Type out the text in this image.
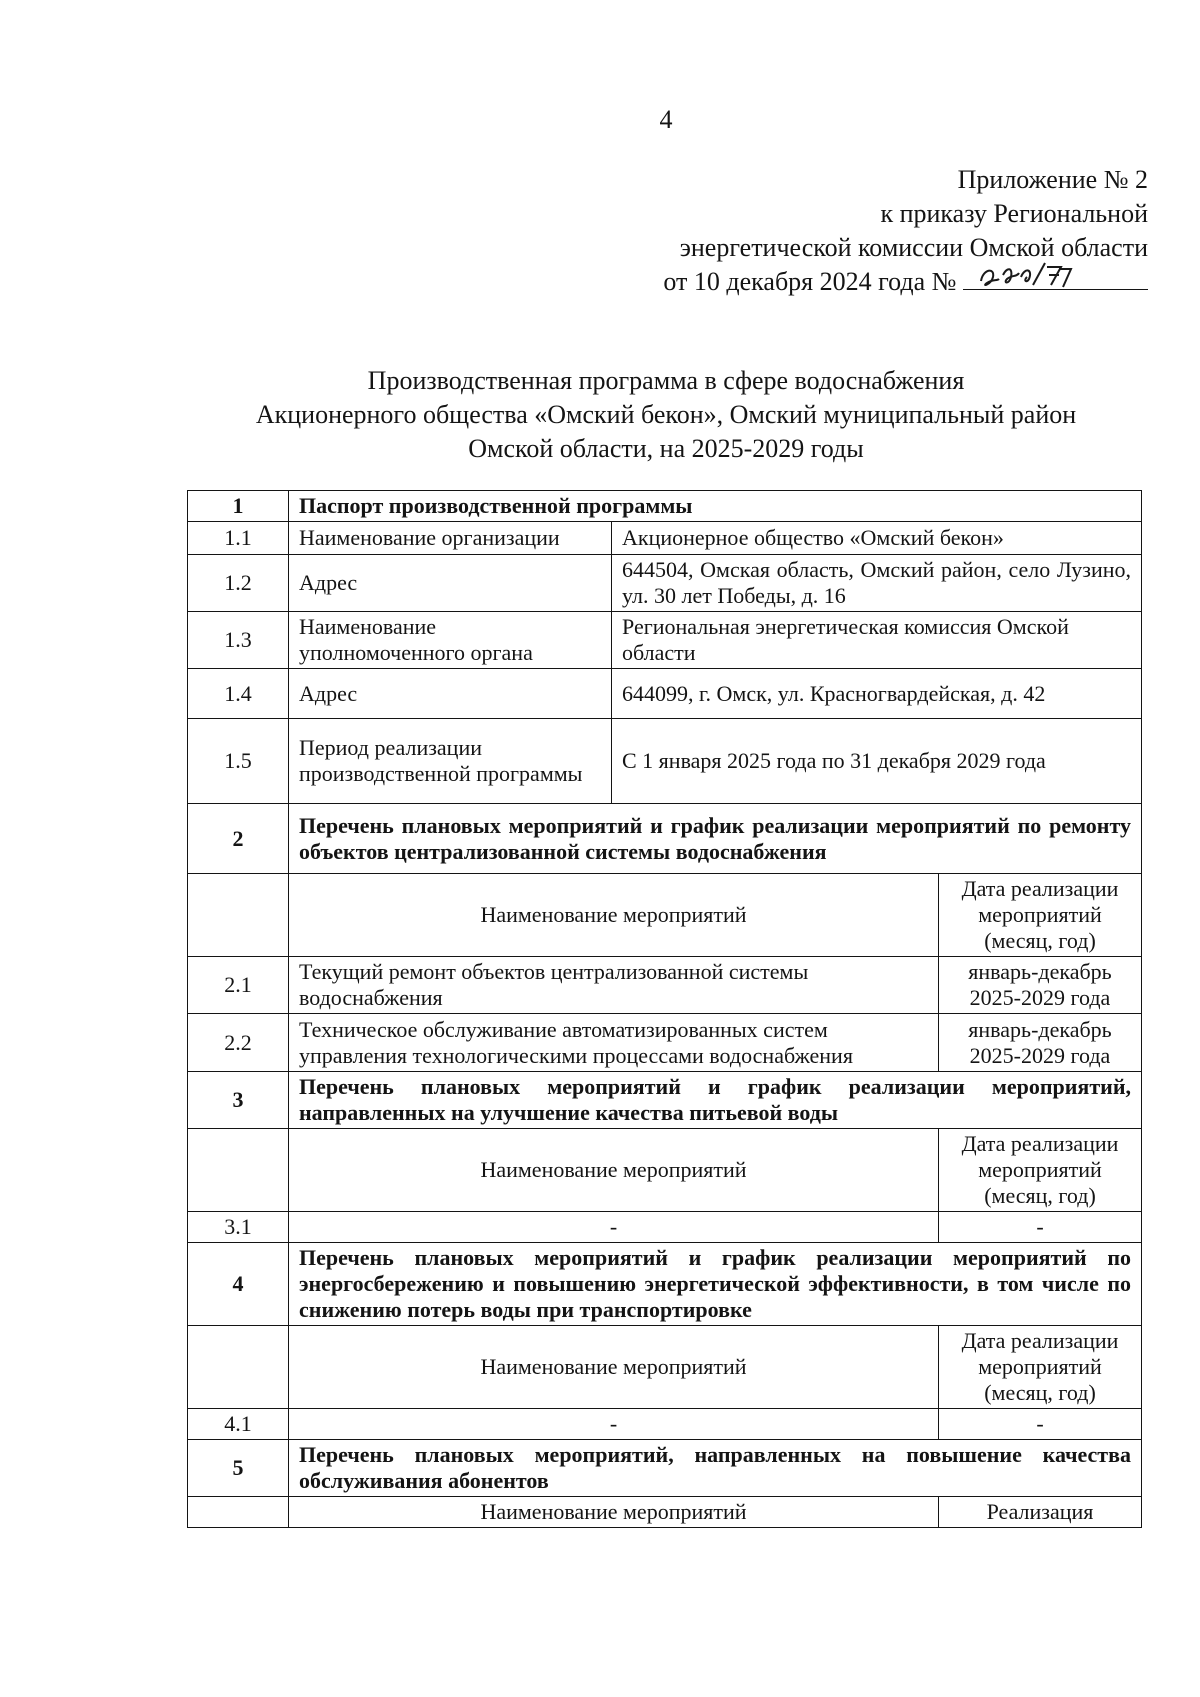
4
Приложение № 2
к приказу Региональной
энергетической комиссии Омской области
от 10 декабря 2024 года №
Производственная программа в сфере водоснабжения
Акционерного общества «Омский бекон», Омский муниципальный район
Омской области, на 2025-2029 годы
1	Паспорт производственной программы		
1.1	Наименование организации	Акционерное общество «Омский бекон»	
1.2	Адрес	644504, Омская область, Омский район, село Лузино, ул. 30 лет Победы, д. 16	
1.3	Наименование уполномоченного органа	Региональная энергетическая комиссия Омской области	
1.4	Адрес	644099, г. Омск, ул. Красногвардейская, д. 42	
1.5	Период реализации производственной программы	С 1 января 2025 года по 31 декабря 2029 года	
2	Перечень плановых мероприятий и график реализации мероприятий по ремонту объектов централизованной системы водоснабжения		
	Наименование мероприятий		Дата реализации мероприятий (месяц, год)
2.1	Текущий ремонт объектов централизованной системы водоснабжения		январь-декабрь 2025-2029 года
2.2	Техническое обслуживание автоматизированных систем управления технологическими процессами водоснабжения		январь-декабрь 2025-2029 года
3	Перечень плановых мероприятий и график реализации мероприятий, направленных на улучшение качества питьевой воды		
	Наименование мероприятий		Дата реализации мероприятий (месяц, год)
3.1	-		-
4	Перечень плановых мероприятий и график реализации мероприятий по энергосбережению и повышению энергетической эффективности, в том числе по снижению потерь воды при транспортировке		
	Наименование мероприятий		Дата реализации мероприятий (месяц, год)
4.1	-		-
5	Перечень плановых мероприятий, направленных на повышение качества обслуживания абонентов		
	Наименование мероприятий		Реализация
